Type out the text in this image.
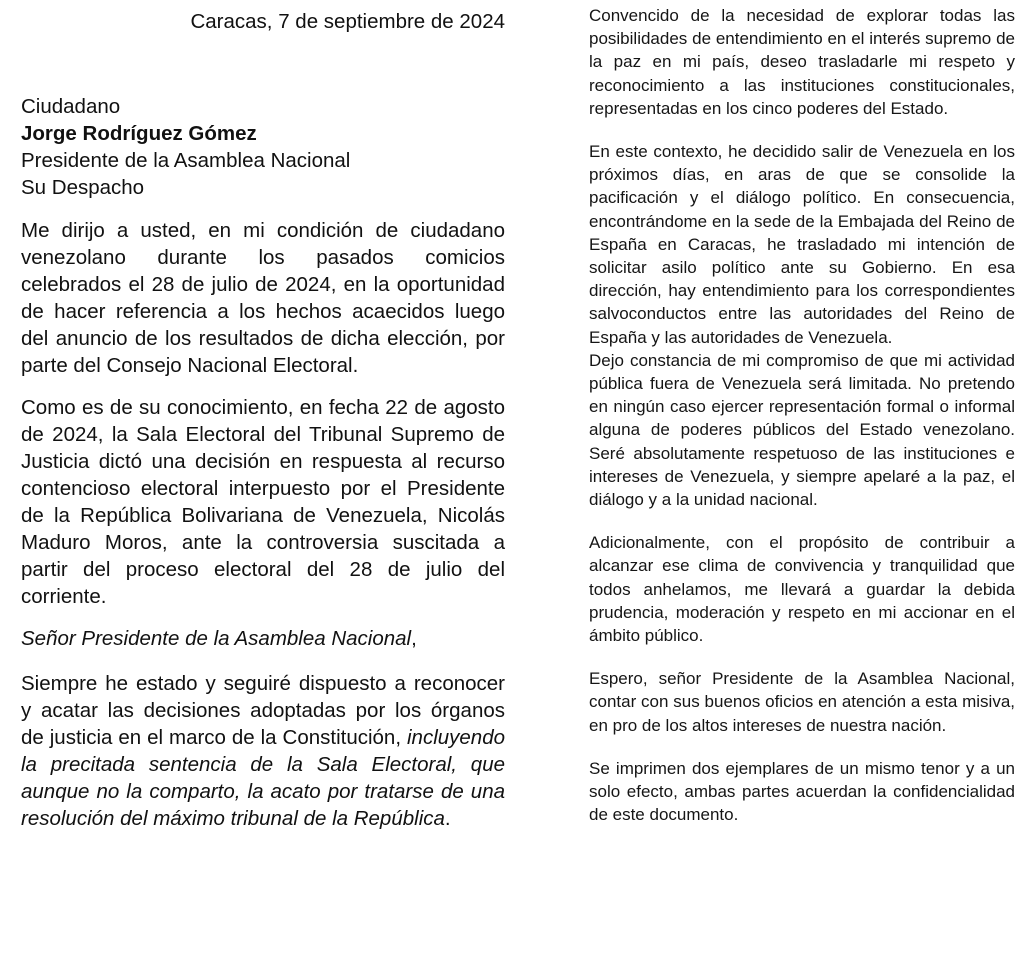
Caracas, 7 de septiembre de 2024
Ciudadano
Jorge Rodríguez Gómez
Presidente de la Asamblea Nacional
Su Despacho

Me dirijo a usted, en mi condición de ciudadano venezolano durante los pasados comicios celebrados el 28 de julio de 2024, en la oportunidad de hacer referencia a los hechos acaecidos luego del anuncio de los resultados de dicha elección, por parte del Consejo Nacional Electoral.

Como es de su conocimiento, en fecha 22 de agosto de 2024, la Sala Electoral del Tribunal Supremo de Justicia dictó una decisión en respuesta al recurso contencioso electoral interpuesto por el Presidente de la República Bolivariana de Venezuela, Nicolás Maduro Moros, ante la controversia suscitada a partir del proceso electoral del 28 de julio del corriente.

Señor Presidente de la Asamblea Nacional,

Siempre he estado y seguiré dispuesto a reconocer y acatar las decisiones adoptadas por los órganos de justicia en el marco de la Constitución, incluyendo la precitada sentencia de la Sala Electoral, que aunque no la comparto, la acato por tratarse de una resolución del máximo tribunal de la República.

Convencido de la necesidad de explorar todas las posibilidades de entendimiento en el interés supremo de la paz en mi país, deseo trasladarle mi respeto y reconocimiento a las instituciones constitucionales, representadas en los cinco poderes del Estado.

En este contexto, he decidido salir de Venezuela en los próximos días, en aras de que se consolide la pacificación y el diálogo político. En consecuencia, encontrándome en la sede de la Embajada del Reino de España en Caracas, he trasladado mi intención de solicitar asilo político ante su Gobierno. En esa dirección, hay entendimiento para los correspondientes salvoconductos entre las autoridades del Reino de España y las autoridades de Venezuela.

Dejo constancia de mi compromiso de que mi actividad pública fuera de Venezuela será limitada. No pretendo en ningún caso ejercer representación formal o informal alguna de poderes públicos del Estado venezolano. Seré absolutamente respetuoso de las instituciones e intereses de Venezuela, y siempre apelaré a la paz, el diálogo y a la unidad nacional.

Adicionalmente, con el propósito de contribuir a alcanzar ese clima de convivencia y tranquilidad que todos anhelamos, me llevará a guardar la debida prudencia, moderación y respeto en mi accionar en el ámbito público.

Espero, señor Presidente de la Asamblea Nacional, contar con sus buenos oficios en atención a esta misiva, en pro de los altos intereses de nuestra nación.

Se imprimen dos ejemplares de un mismo tenor y a un solo efecto, ambas partes acuerdan la confidencialidad de este documento.
